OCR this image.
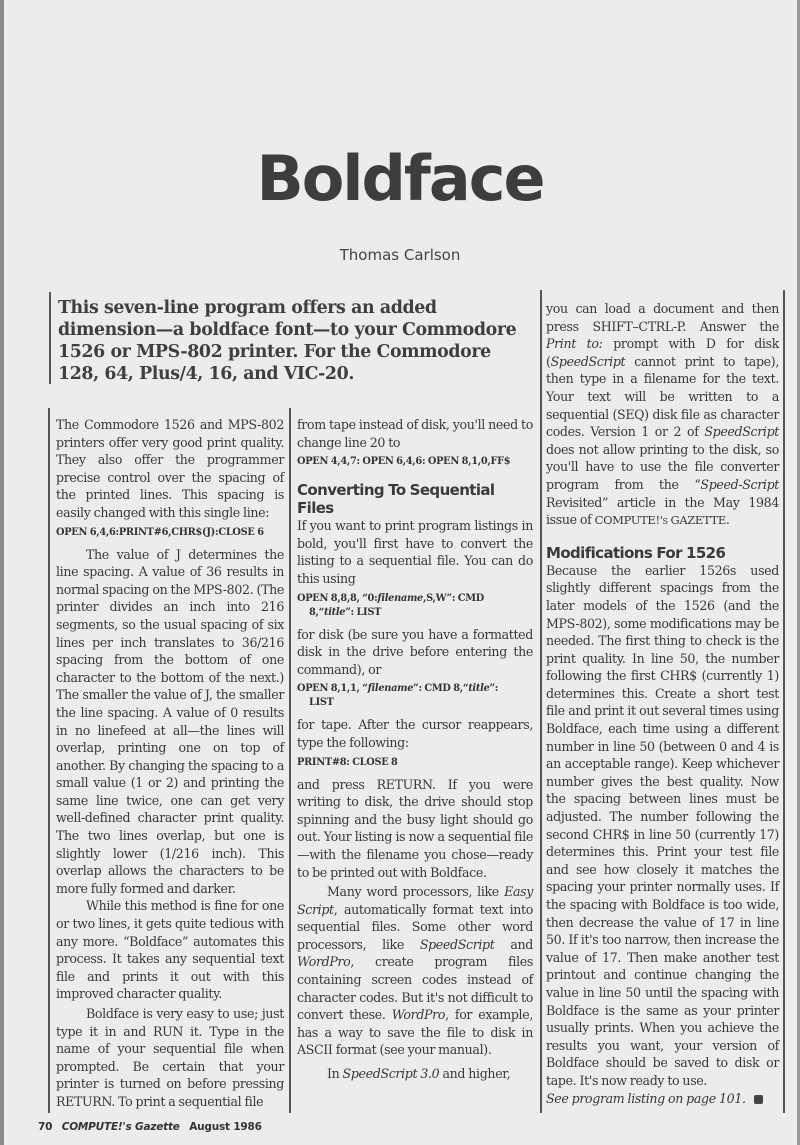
Boldface
Thomas Carlson
This seven-line program offers an added dimension—a boldface font—to your Commodore 1526 or MPS-802 printer. For the Commodore 128, 64, Plus/4, 16, and VIC-20.

The Commodore 1526 and MPS-802 printers offer very good print quality. They also offer the programmer precise control over the spacing of the printed lines. This spacing is easily changed with this single line:

OPEN 6,4,6:PRINT#6,CHR$(J):CLOSE 6

The value of J determines the line spacing. A value of 36 results in normal spacing on the MPS-802. (The printer divides an inch into 216 segments, so the usual spacing of six lines per inch translates to 36/216 spacing from the bottom of one character to the bottom of the next.) The smaller the value of J, the smaller the line spacing. A value of 0 results in no linefeed at all—the lines will overlap, printing one on top of another. By changing the spacing to a small value (1 or 2) and printing the same line twice, one can get very well-defined character print quality. The two lines overlap, but one is slightly lower (1/216 inch). This overlap allows the characters to be more fully formed and darker.

While this method is fine for one or two lines, it gets quite tedious with any more. “Boldface” automates this process. It takes any sequential text file and prints it out with this improved character quality.

Boldface is very easy to use; just type it in and RUN it. Type in the name of your sequential file when prompted. Be certain that your printer is turned on before pressing RETURN. To print a sequential file

from tape instead of disk, you'll need to change line 20 to

OPEN 4,4,7: OPEN 6,4,6: OPEN 8,1,0,FF$
Converting To Sequential Files

If you want to print program listings in bold, you'll first have to convert the listing to a sequential file. You can do this using

OPEN 8,8,8, “0:filename,S,W”: CMD
8,“title”: LIST

for disk (be sure you have a formatted disk in the drive before entering the command), or

OPEN 8,1,1, “filename”: CMD 8,“title”:
LIST

for tape. After the cursor reappears, type the following:

PRINT#8: CLOSE 8

and press RETURN. If you were writing to disk, the drive should stop spinning and the busy light should go out. Your listing is now a sequential file—with the filename you chose—ready to be printed out with Boldface.

Many word processors, like Easy Script, automatically format text into sequential files. Some other word processors, like SpeedScript and WordPro, create program files containing screen codes instead of character codes. But it's not difficult to convert these. WordPro, for example, has a way to save the file to disk in ASCII format (see your manual).

In SpeedScript 3.0 and higher,

you can load a document and then press SHIFT–CTRL-P. Answer the Print to: prompt with D for disk (SpeedScript cannot print to tape), then type in a filename for the text. Your text will be written to a sequential (SEQ) disk file as character codes. Version 1 or 2 of SpeedScript does not allow printing to the disk, so you'll have to use the file converter program from the “Speed-Script Revisited” article in the May 1984 issue of COMPUTE!'s GAZETTE.

Modifications For 1526

Because the earlier 1526s used slightly different spacings from the later models of the 1526 (and the MPS-802), some modifications may be needed. The first thing to check is the print quality. In line 50, the number following the first CHR$ (currently 1) determines this. Create a short test file and print it out several times using Boldface, each time using a different number in line 50 (between 0 and 4 is an acceptable range). Keep whichever number gives the best quality. Now the spacing between lines must be adjusted. The number following the second CHR$ in line 50 (currently 17) determines this. Print your test file and see how closely it matches the spacing your printer normally uses. If the spacing with Boldface is too wide, then decrease the value of 17 in line 50. If it's too narrow, then increase the value of 17. Then make another test printout and continue changing the value in line 50 until the spacing with Boldface is the same as your printer usually prints. When you achieve the results you want, your version of Boldface should be saved to disk or tape. It's now ready to use.

See program listing on page 101.

70 COMPUTE!'s Gazette August 1986
